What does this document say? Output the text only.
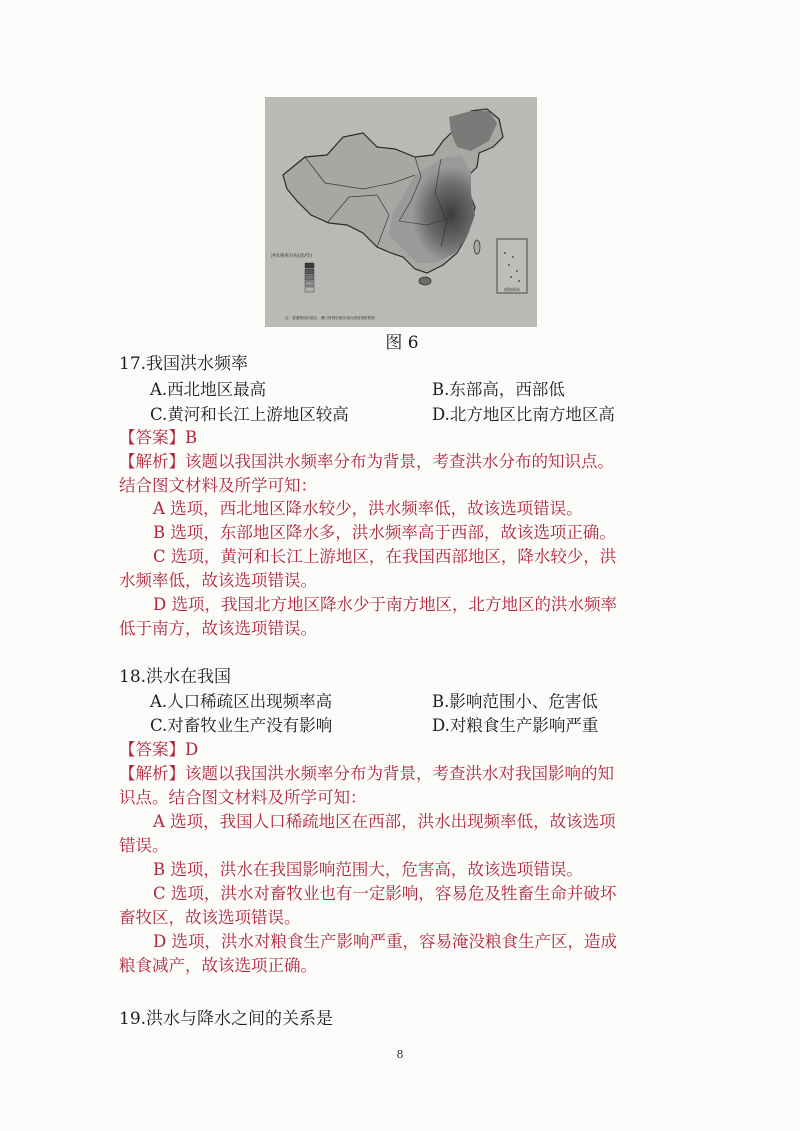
南海诸岛
洪水频率分布(次/年)
注：香港特别行政区、澳门特别行政区和台湾省资料暂缺
图 6
17.我国洪水频率
A.西北地区最高	B.东部高，西部低
C.黄河和长江上游地区较高	D.北方地区比南方地区高
【答案】B
【解析】该题以我国洪水频率分布为背景，考查洪水分布的知识点。
结合图文材料及所学可知：
A 选项，西北地区降水较少，洪水频率低，故该选项错误。
B 选项，东部地区降水多，洪水频率高于西部，故该选项正确。
C 选项，黄河和长江上游地区，在我国西部地区，降水较少，洪
水频率低，故该选项错误。
D 选项，我国北方地区降水少于南方地区，北方地区的洪水频率
低于南方，故该选项错误。
18.洪水在我国
A.人口稀疏区出现频率高	B.影响范围小、危害低
C.对畜牧业生产没有影响	D.对粮食生产影响严重
【答案】D
【解析】该题以我国洪水频率分布为背景，考查洪水对我国影响的知
识点。结合图文材料及所学可知：
A 选项，我国人口稀疏地区在西部，洪水出现频率低，故该选项
错误。
B 选项，洪水在我国影响范围大，危害高，故该选项错误。
C 选项，洪水对畜牧业也有一定影响，容易危及牲畜生命并破坏
畜牧区，故该选项错误。
D 选项，洪水对粮食生产影响严重，容易淹没粮食生产区，造成
粮食减产，故该选项正确。
19.洪水与降水之间的关系是
8
